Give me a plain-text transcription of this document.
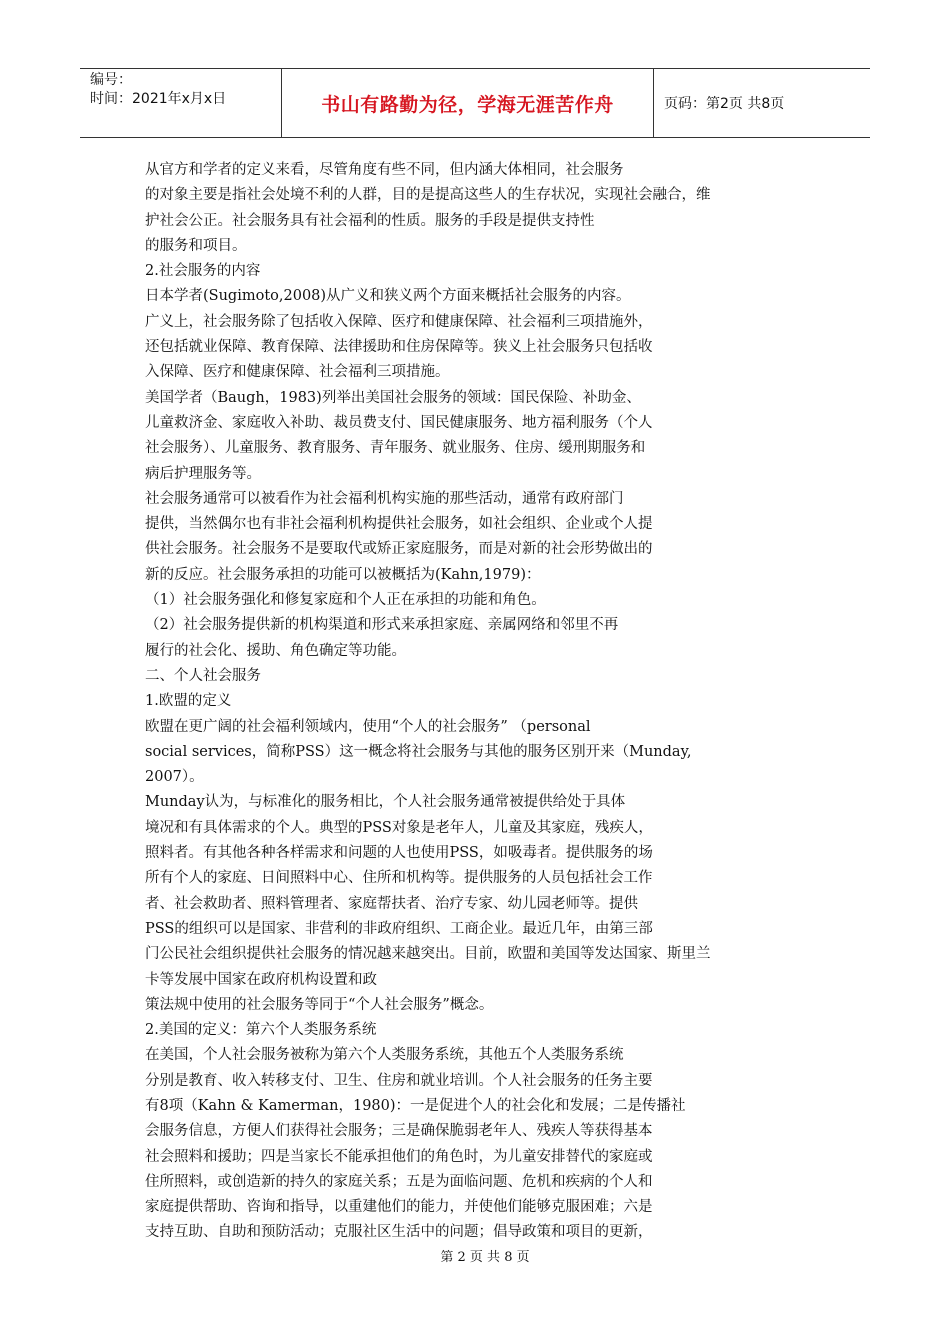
编号：
时间：2021年x月x日	书山有路勤为径，学海无涯苦作舟	页码：第2页 共8页
从官方和学者的定义来看，尽管角度有些不同，但内涵大体相同，社会服务
的对象主要是指社会处境不利的人群，目的是提高这些人的生存状况，实现社会融合，维
护社会公正。社会服务具有社会福利的性质。服务的手段是提供支持性
的服务和项目。
2.社会服务的内容
日本学者(Sugimoto,2008)从广义和狭义两个方面来概括社会服务的内容。
广义上，社会服务除了包括收入保障、医疗和健康保障、社会福利三项措施外，
还包括就业保障、教育保障、法律援助和住房保障等。狭义上社会服务只包括收
入保障、医疗和健康保障、社会福利三项措施。
美国学者（Baugh，1983)列举出美国社会服务的领域：国民保险、补助金、
儿童救济金、家庭收入补助、裁员费支付、国民健康服务、地方福利服务（个人
社会服务）、儿童服务、教育服务、青年服务、就业服务、住房、缓刑期服务和
病后护理服务等。
社会服务通常可以被看作为社会福利机构实施的那些活动，通常有政府部门
提供，当然偶尔也有非社会福利机构提供社会服务，如社会组织、企业或个人提
供社会服务。社会服务不是要取代或矫正家庭服务，而是对新的社会形势做出的
新的反应。社会服务承担的功能可以被概括为(Kahn,1979)：
（1）社会服务强化和修复家庭和个人正在承担的功能和角色。
（2）社会服务提供新的机构渠道和形式来承担家庭、亲属网络和邻里不再
履行的社会化、援助、角色确定等功能。
二、个人社会服务
1.欧盟的定义
欧盟在更广阔的社会福利领域内，使用“个人的社会服务” （personal
social services，简称PSS）这一概念将社会服务与其他的服务区别开来（Munday,
2007）。
Munday认为，与标准化的服务相比，个人社会服务通常被提供给处于具体
境况和有具体需求的个人。典型的PSS对象是老年人，儿童及其家庭，残疾人，
照料者。有其他各种各样需求和问题的人也使用PSS，如吸毒者。提供服务的场
所有个人的家庭、日间照料中心、住所和机构等。提供服务的人员包括社会工作
者、社会救助者、照料管理者、家庭帮扶者、治疗专家、幼儿园老师等。提供
PSS的组织可以是国家、非营利的非政府组织、工商企业。最近几年，由第三部
门公民社会组织提供社会服务的情况越来越突出。目前，欧盟和美国等发达国家、斯里兰
卡等发展中国家在政府机构设置和政
策法规中使用的社会服务等同于“个人社会服务”概念。
2.美国的定义：第六个人类服务系统
在美国，个人社会服务被称为第六个人类服务系统，其他五个人类服务系统
分别是教育、收入转移支付、卫生、住房和就业培训。个人社会服务的任务主要
有8项（Kahn & Kamerman，1980)：一是促进个人的社会化和发展；二是传播社
会服务信息，方便人们获得社会服务；三是确保脆弱老年人、残疾人等获得基本
社会照料和援助；四是当家长不能承担他们的角色时，为儿童安排替代的家庭或
住所照料，或创造新的持久的家庭关系；五是为面临问题、危机和疾病的个人和
家庭提供帮助、咨询和指导，以重建他们的能力，并使他们能够克服困难；六是
支持互助、自助和预防活动；克服社区生活中的问题；倡导政策和项目的更新，
第 2 页 共 8 页
